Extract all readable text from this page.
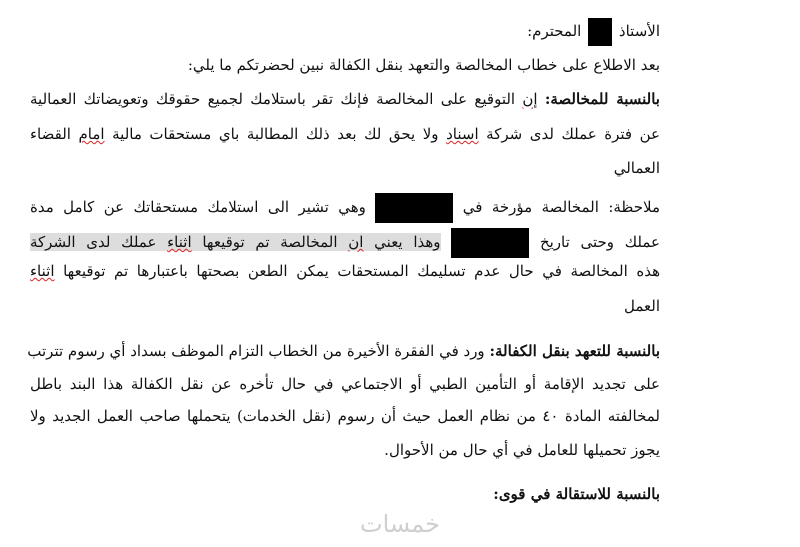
الأستاذ  المحترم:
بعد الاطلاع على خطاب المخالصة والتعهد بنقل الكفالة نبين لحضرتكم ما يلي:
بالنسبة للمخالصة: إن التوقيع على المخالصة فإنك تقر باستلامك لجميع حقوقك وتعويضاتك العمالية
عن فترة عملك لدى شركة اسناد ولا يحق لك بعد ذلك المطالبة باي مستحقات مالية امام القضاء
العمالي
ملاحظة: المخالصة مؤرخة في  وهي تشير الى استلامك مستحقاتك عن كامل مدة
عملك وحتى تاريخ  وهذا يعني ان المخالصة تم توقيعها اثناء عملك لدى الشركة
هذه المخالصة في حال عدم تسليمك المستحقات يمكن الطعن بصحتها باعتبارها تم توقيعها اثناء
العمل
بالنسبة للتعهد بنقل الكفالة: ورد في الفقرة الأخيرة من الخطاب التزام الموظف بسداد أي رسوم تترتب
على تجديد الإقامة أو التأمين الطبي أو الاجتماعي في حال تأخره عن نقل الكفالة هذا البند باطل
لمخالفته المادة ٤٠ من نظام العمل حيث أن رسوم (نقل الخدمات) يتحملها صاحب العمل الجديد ولا
يجوز تحميلها للعامل في أي حال من الأحوال.
بالنسبة للاستقالة في قوى:
خمسات
